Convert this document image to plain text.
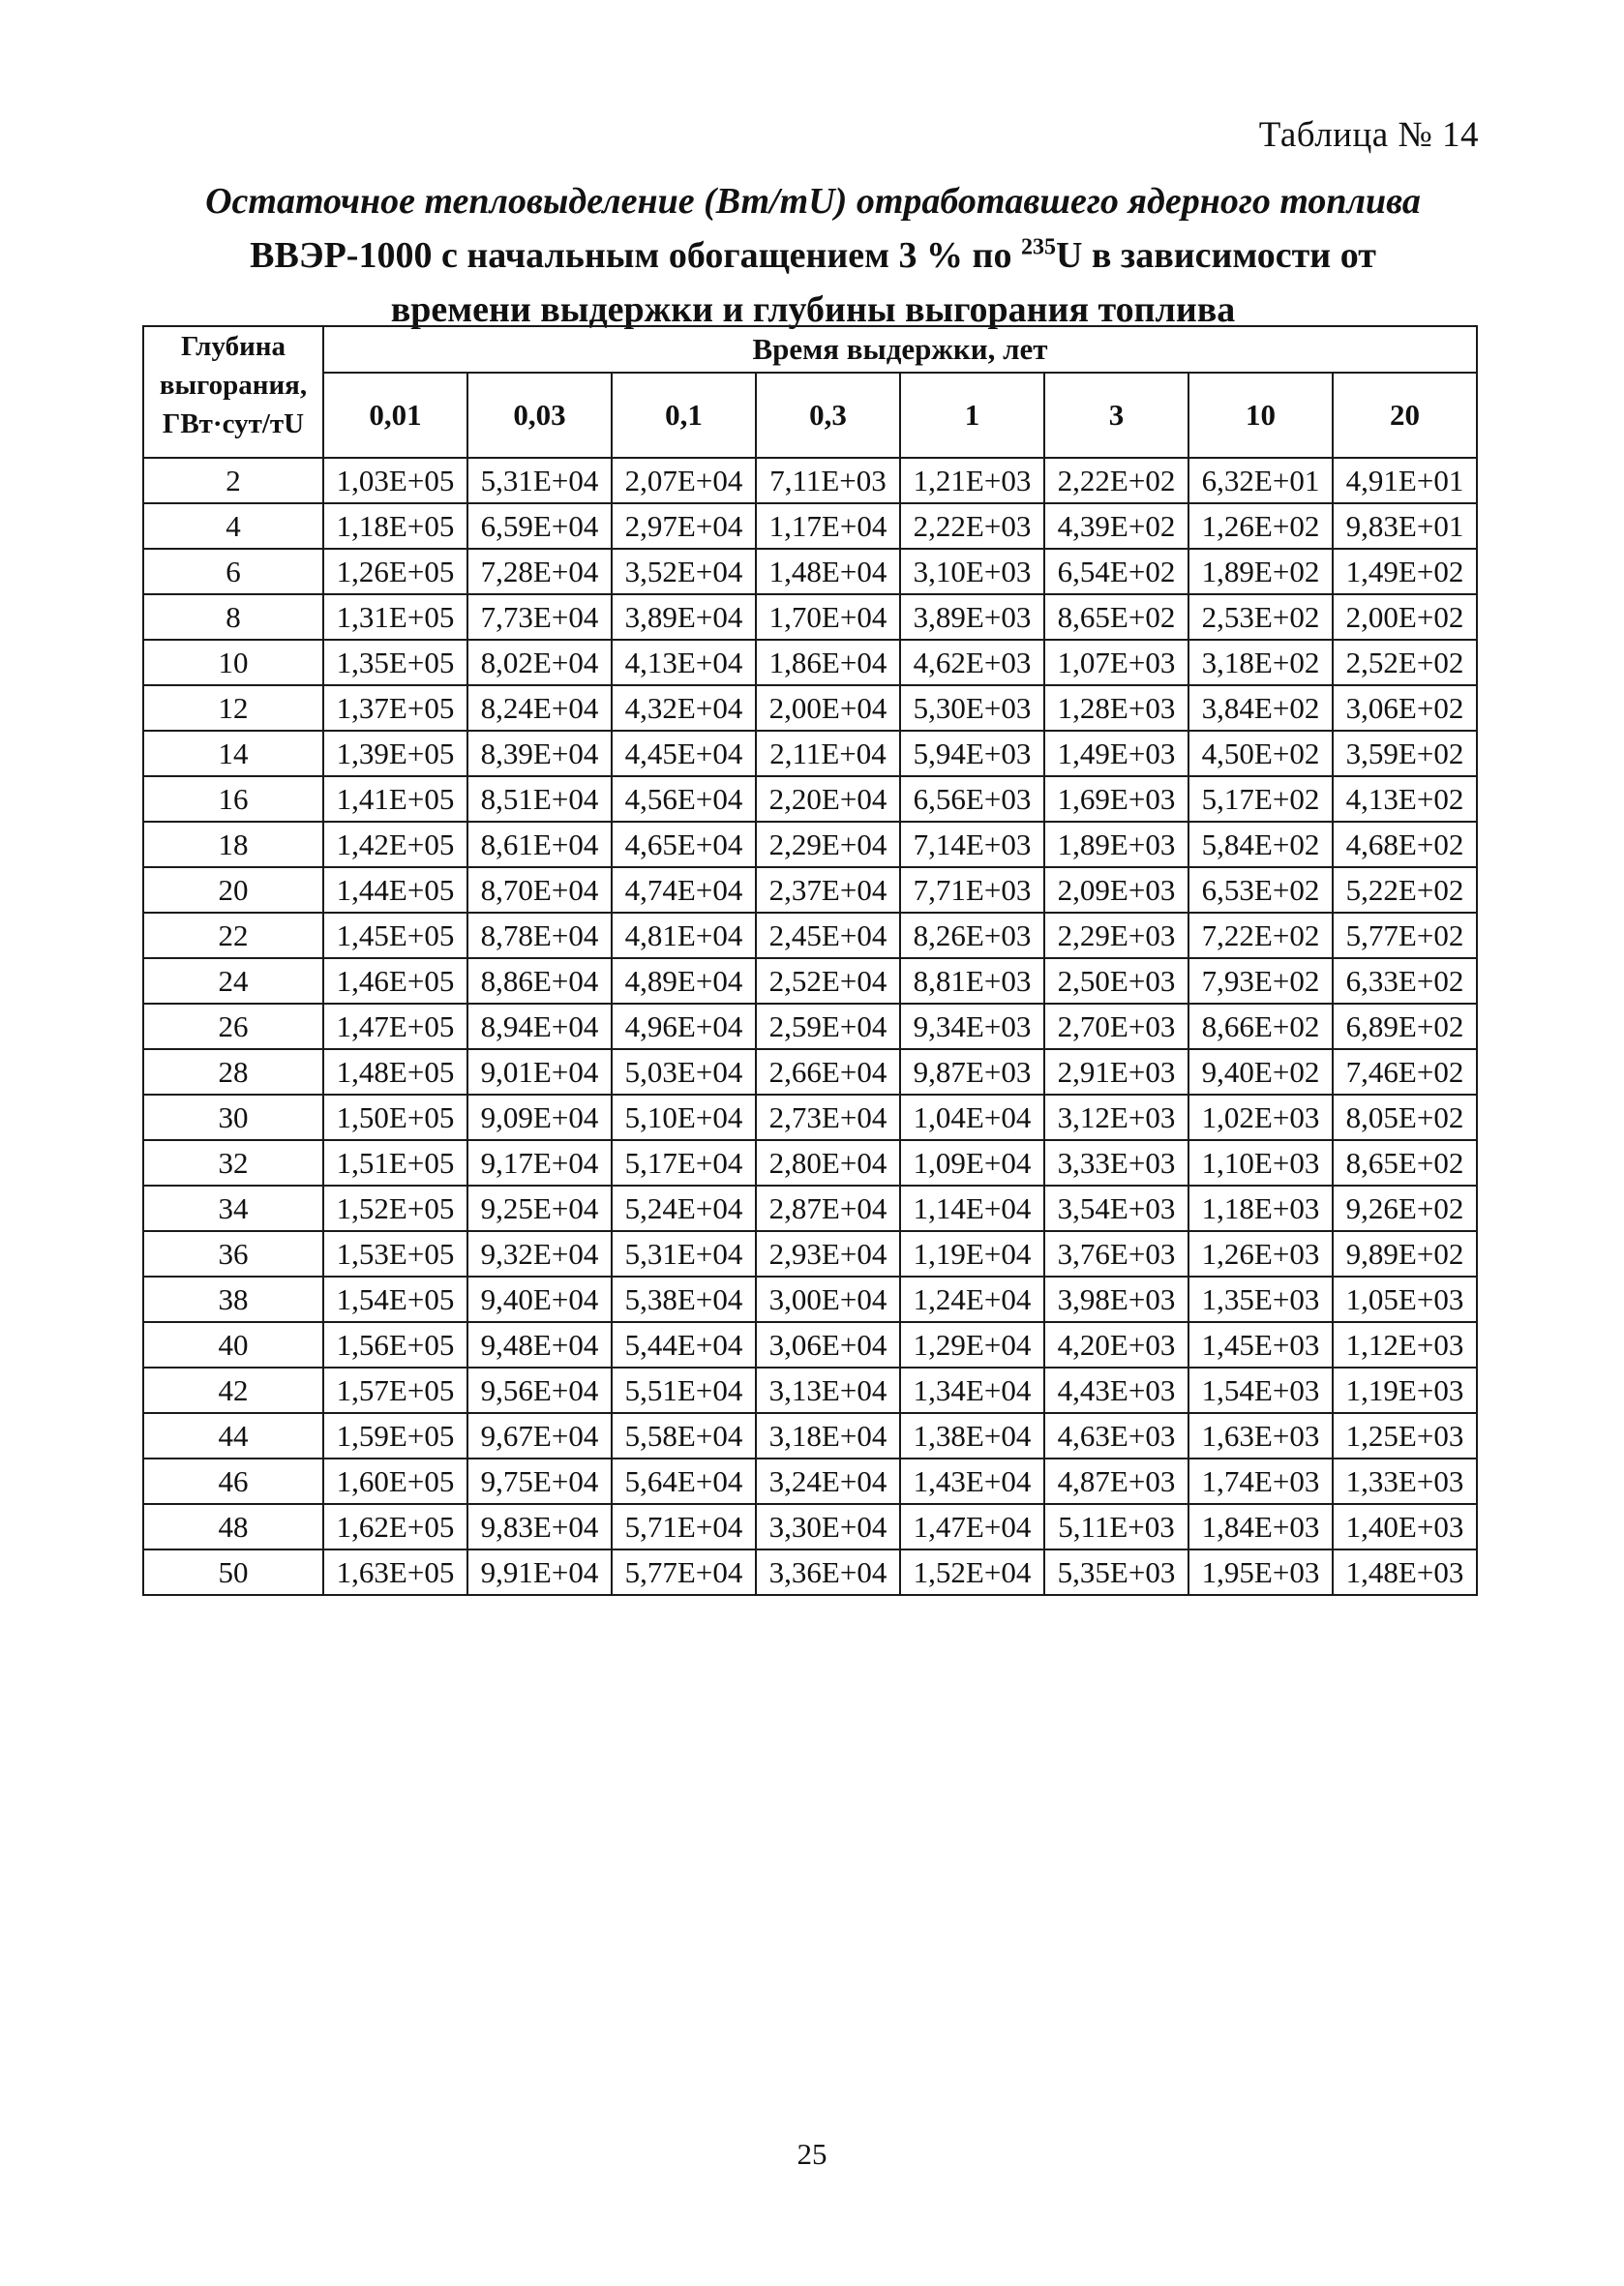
Таблица № 14
Остаточное тепловыделение (Вт/тU) отработавшего ядерного топлива
ВВЭР-1000 с начальным обогащением 3 % по $^{235}$U в зависимости от
времени выдержки и глубины выгорания топлива
Глубина выгорания, ГВт·сут/тU	Время выдержки, лет							
	0,01	0,03	0,1	0,3	1	3	10	20
2	1,03E+05	5,31E+04	2,07E+04	7,11E+03	1,21E+03	2,22E+02	6,32E+01	4,91E+01
4	1,18E+05	6,59E+04	2,97E+04	1,17E+04	2,22E+03	4,39E+02	1,26E+02	9,83E+01
6	1,26E+05	7,28E+04	3,52E+04	1,48E+04	3,10E+03	6,54E+02	1,89E+02	1,49E+02
8	1,31E+05	7,73E+04	3,89E+04	1,70E+04	3,89E+03	8,65E+02	2,53E+02	2,00E+02
10	1,35E+05	8,02E+04	4,13E+04	1,86E+04	4,62E+03	1,07E+03	3,18E+02	2,52E+02
12	1,37E+05	8,24E+04	4,32E+04	2,00E+04	5,30E+03	1,28E+03	3,84E+02	3,06E+02
14	1,39E+05	8,39E+04	4,45E+04	2,11E+04	5,94E+03	1,49E+03	4,50E+02	3,59E+02
16	1,41E+05	8,51E+04	4,56E+04	2,20E+04	6,56E+03	1,69E+03	5,17E+02	4,13E+02
18	1,42E+05	8,61E+04	4,65E+04	2,29E+04	7,14E+03	1,89E+03	5,84E+02	4,68E+02
20	1,44E+05	8,70E+04	4,74E+04	2,37E+04	7,71E+03	2,09E+03	6,53E+02	5,22E+02
22	1,45E+05	8,78E+04	4,81E+04	2,45E+04	8,26E+03	2,29E+03	7,22E+02	5,77E+02
24	1,46E+05	8,86E+04	4,89E+04	2,52E+04	8,81E+03	2,50E+03	7,93E+02	6,33E+02
26	1,47E+05	8,94E+04	4,96E+04	2,59E+04	9,34E+03	2,70E+03	8,66E+02	6,89E+02
28	1,48E+05	9,01E+04	5,03E+04	2,66E+04	9,87E+03	2,91E+03	9,40E+02	7,46E+02
30	1,50E+05	9,09E+04	5,10E+04	2,73E+04	1,04E+04	3,12E+03	1,02E+03	8,05E+02
32	1,51E+05	9,17E+04	5,17E+04	2,80E+04	1,09E+04	3,33E+03	1,10E+03	8,65E+02
34	1,52E+05	9,25E+04	5,24E+04	2,87E+04	1,14E+04	3,54E+03	1,18E+03	9,26E+02
36	1,53E+05	9,32E+04	5,31E+04	2,93E+04	1,19E+04	3,76E+03	1,26E+03	9,89E+02
38	1,54E+05	9,40E+04	5,38E+04	3,00E+04	1,24E+04	3,98E+03	1,35E+03	1,05E+03
40	1,56E+05	9,48E+04	5,44E+04	3,06E+04	1,29E+04	4,20E+03	1,45E+03	1,12E+03
42	1,57E+05	9,56E+04	5,51E+04	3,13E+04	1,34E+04	4,43E+03	1,54E+03	1,19E+03
44	1,59E+05	9,67E+04	5,58E+04	3,18E+04	1,38E+04	4,63E+03	1,63E+03	1,25E+03
46	1,60E+05	9,75E+04	5,64E+04	3,24E+04	1,43E+04	4,87E+03	1,74E+03	1,33E+03
48	1,62E+05	9,83E+04	5,71E+04	3,30E+04	1,47E+04	5,11E+03	1,84E+03	1,40E+03
50	1,63E+05	9,91E+04	5,77E+04	3,36E+04	1,52E+04	5,35E+03	1,95E+03	1,48E+03
25
